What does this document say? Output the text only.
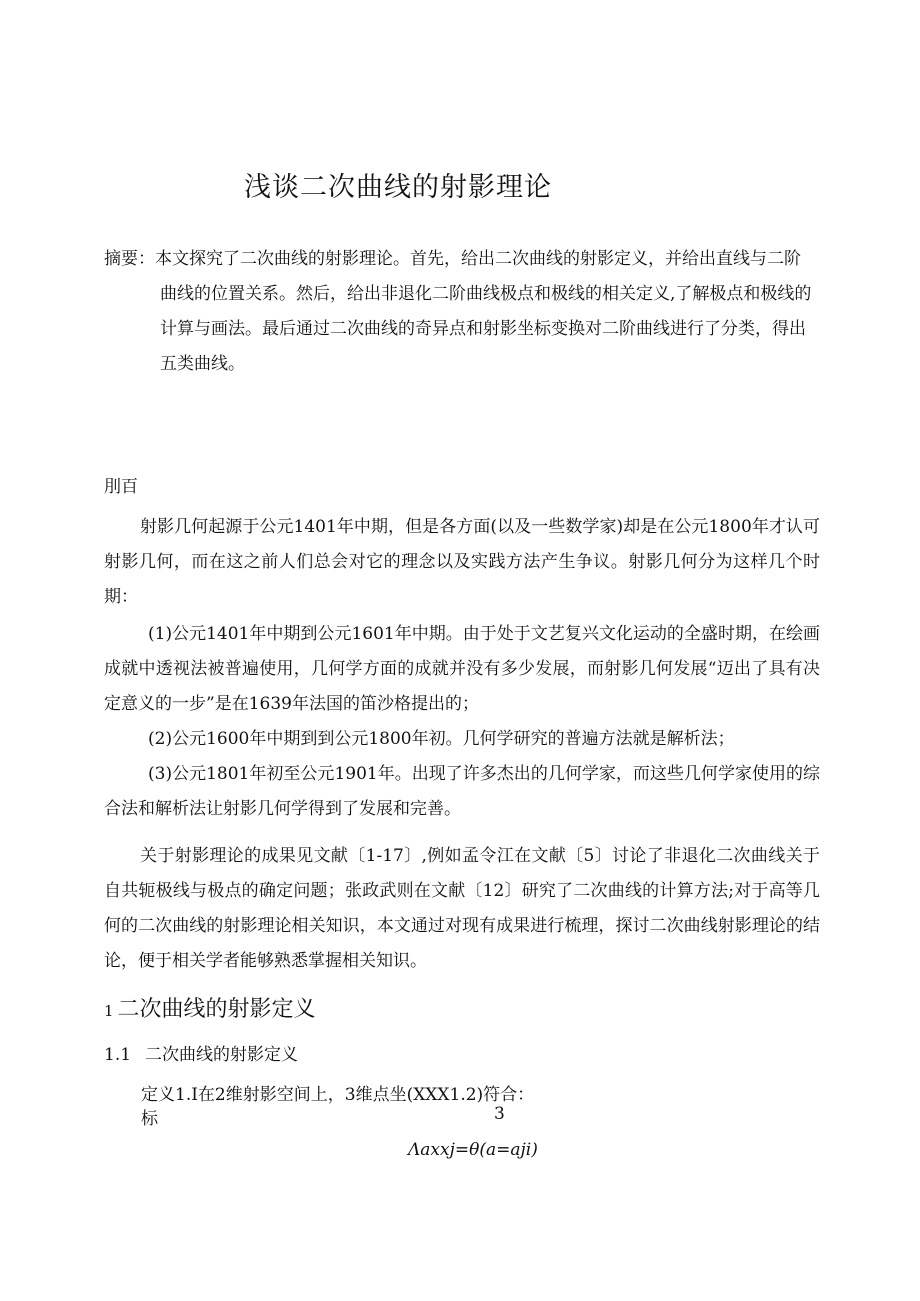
浅谈二次曲线的射影理论
摘要：本文探究了二次曲线的射影理论。首先，给出二次曲线的射影定义，并给出直线与二阶
曲线的位置关系。然后，给出非退化二阶曲线极点和极线的相关定义,了解极点和极线的
计算与画法。最后通过二次曲线的奇异点和射影坐标变换对二阶曲线进行了分类，得出
五类曲线。
刖百
射影几何起源于公元1401年中期，但是各方面(以及一些数学家)却是在公元1800年才认可射影几何，而在这之前人们总会对它的理念以及实践方法产生争议。射影几何分为这样几个时期：
(1)公元1401年中期到公元1601年中期。由于处于文艺复兴文化运动的全盛时期，在绘画成就中透视法被普遍使用，几何学方面的成就并没有多少发展，而射影几何发展“迈出了具有决定意义的一步”是在1639年法国的笛沙格提出的；
(2)公元1600年中期到到公元1800年初。几何学研究的普遍方法就是解析法；
(3)公元1801年初至公元1901年。出现了许多杰出的几何学家，而这些几何学家使用的综合法和解析法让射影几何学得到了发展和完善。
关于射影理论的成果见文献〔1-17〕,例如孟令江在文献〔5〕讨论了非退化二次曲线关于自共轭极线与极点的确定问题；张政武则在文献〔12〕研究了二次曲线的计算方法;对于高等几何的二次曲线的射影理论相关知识，本文通过对现有成果进行梳理，探讨二次曲线射影理论的结论，便于相关学者能够熟悉掌握相关知识。
1 二次曲线的射影定义
1.1 二次曲线的射影定义
定义1.I在2维射影空间上，3维点坐(XXX1.2)符合：
标	3
Λaxxj=θ(a=aji)
